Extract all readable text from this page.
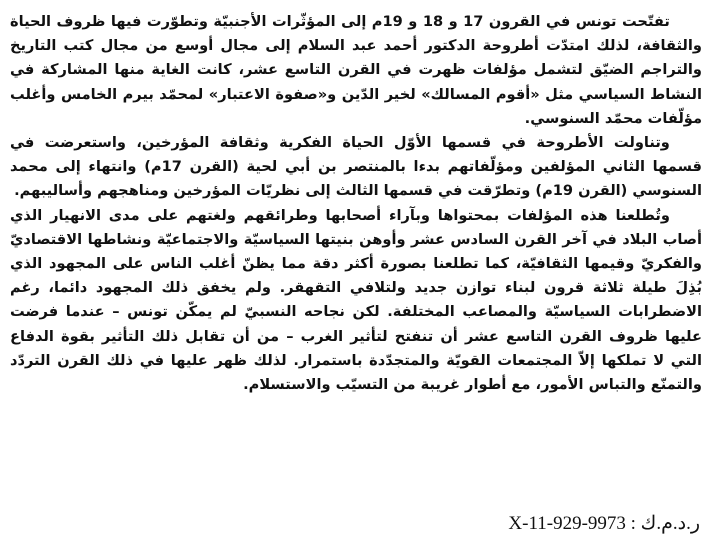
تفتّحت تونس في القرون 17 و 18 و 19م إلى المؤثّرات الأجنبيّة وتطوّرت فيها ظروف الحياة والثقافة، لذلك امتدّت أطروحة الدكتور أحمد عبد السلام إلى مجال أوسع من مجال كتب التاريخ والتراجم الضيّق لتشمل مؤلفات ظهرت في القرن التاسع عشر، كانت الغاية منها المشاركة في النشاط السياسي مثل «أقوم المسالك» لخير الدّين و«صفوة الاعتبار» لمحمّد بيرم الخامس وأغلب مؤلّفات محمّد السنوسي.

وتناولت الأطروحة في قسمها الأوّل الحياة الفكرية وثقافة المؤرخين، واستعرضت في قسمها الثاني المؤلفين ومؤلّفاتهم بدءا بالمنتصر بن أبي لحية (القرن 17م) وانتهاء إلى محمد السنوسي (القرن 19م) وتطرّقت في قسمها الثالث إلى نظريّات المؤرخين ومناهجهم وأساليبهم.

وتُطلعنا هذه المؤلفات بمحتواها وبآراء أصحابها وطرائقهم ولغتهم على مدى الانهيار الذي أصاب البلاد في آخر القرن السادس عشر وأوهن بنيتها السياسيّة والاجتماعيّة ونشاطها الاقتصاديّ والفكريّ وقيمها الثقافيّة، كما تطلعنا بصورة أكثر دقة مما يظنّ أغلب الناس على المجهود الذي بُذِلَ طيلة ثلاثة قرون لبناء توازن جديد ولتلافي التقهقر. ولم يخفق ذلك المجهود دائما، رغم الاضطرابات السياسيّة والمصاعب المختلفة. لكن نجاحه النسبيّ لم يمكّن تونس – عندما فرضت عليها ظروف القرن التاسع عشر أن تنفتح لتأثير الغرب – من أن تقابل ذلك التأثير بقوة الدفاع التي لا تملكها إلاّ المجتمعات القويّة والمتجدّدة باستمرار. لذلك ظهر عليها في ذلك القرن التردّد والتمنّع والتباس الأمور، مع أطوار غريبة من التسيّب والاستسلام.

ر.د.م.ك : 9973-929-11-X
